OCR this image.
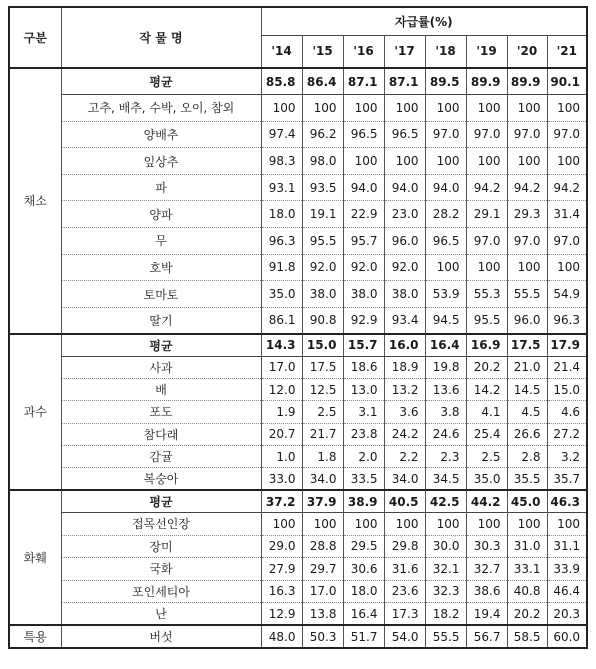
구분	작 물 명	자급률(%)							
		'14	'15	'16	'17	'18	'19	'20	'21
채소	평균	85.8	86.4	87.1	87.1	89.5	89.9	89.9	90.1
	고추, 배추, 수박, 오이, 참외	100	100	100	100	100	100	100	100
	양배추	97.4	96.2	96.5	96.5	97.0	97.0	97.0	97.0
	잎상추	98.3	98.0	100	100	100	100	100	100
	파	93.1	93.5	94.0	94.0	94.0	94.2	94.2	94.2
	양파	18.0	19.1	22.9	23.0	28.2	29.1	29.3	31.4
	무	96.3	95.5	95.7	96.0	96.5	97.0	97.0	97.0
	호박	91.8	92.0	92.0	92.0	100	100	100	100
	토마토	35.0	38.0	38.0	38.0	53.9	55.3	55.5	54.9
	딸기	86.1	90.8	92.9	93.4	94.5	95.5	96.0	96.3
과수	평균	14.3	15.0	15.7	16.0	16.4	16.9	17.5	17.9
	사과	17.0	17.5	18.6	18.9	19.8	20.2	21.0	21.4
	배	12.0	12.5	13.0	13.2	13.6	14.2	14.5	15.0
	포도	1.9	2.5	3.1	3.6	3.8	4.1	4.5	4.6
	참다래	20.7	21.7	23.8	24.2	24.6	25.4	26.6	27.2
	감귤	1.0	1.8	2.0	2.2	2.3	2.5	2.8	3.2
	복숭아	33.0	34.0	33.5	34.0	34.5	35.0	35.5	35.7
화훼	평균	37.2	37.9	38.9	40.5	42.5	44.2	45.0	46.3
	접목선인장	100	100	100	100	100	100	100	100
	장미	29.0	28.8	29.5	29.8	30.0	30.3	31.0	31.1
	국화	27.9	29.7	30.6	31.6	32.1	32.7	33.1	33.9
	포인세티아	16.3	17.0	18.0	23.6	32.3	38.6	40.8	46.4
	난	12.9	13.8	16.4	17.3	18.2	19.4	20.2	20.3
특용	버섯	48.0	50.3	51.7	54.0	55.5	56.7	58.5	60.0
